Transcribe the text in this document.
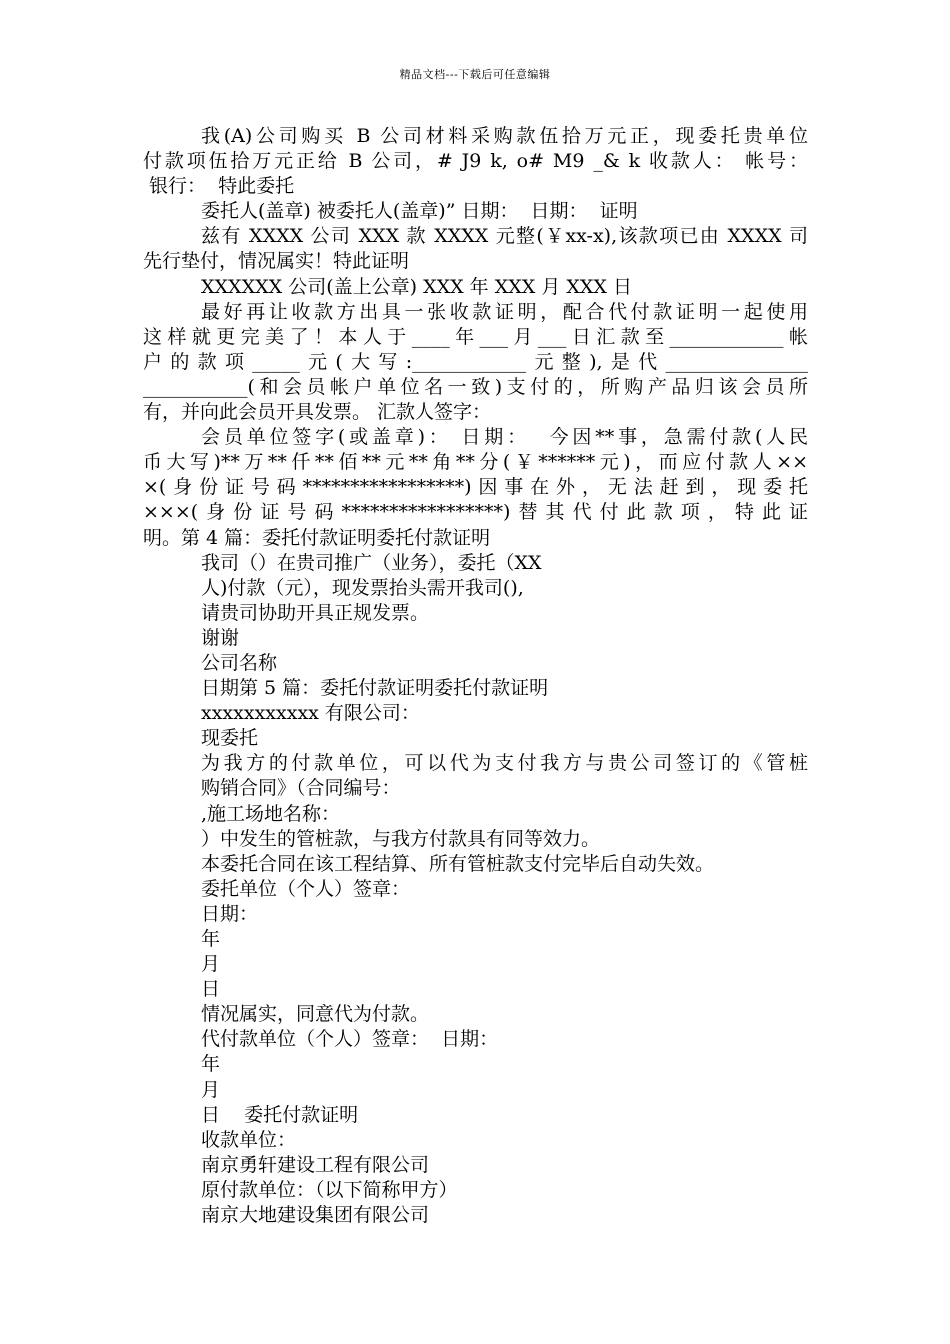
精品文档---下载后可任意编辑
我(A)公司购买 B 公司材料采购款伍拾万元正，现委托贵单位
付款项伍拾万元正给 B 公司，# J9 k, o# M9 _& k 收款人： 帐号：
银行：  特此委托
委托人(盖章) 被委托人(盖章)” 日期：  日期：  证明
兹有 XXXX 公司 XXX 款 XXXX 元整(￥xx-x),该款项已由 XXXX 司
先行垫付，情况属实！特此证明
XXXXXX 公司(盖上公章) XXX 年 XXX 月 XXX 日
最好再让收款方出具一张收款证明，配合代付款证明一起使用
这样就更完美了！本人于____年___月___日汇款至____________帐
户的款项_____元(大写:____________元整),是代_______________
___________(和会员帐户单位名一致)支付的，所购产品归该会员所
有，并向此会员开具发票。 汇款人签字：
会员单位签字(或盖章)： 日期：  今因**事，急需付款(人民
币大写)**万**仟**佰**元**角**分(￥******元)，而应付款人××
×(身份证号码*****************)因事在外，无法赶到，现委托
×××(身份证号码*****************)替其代付此款项，特此证
明。第 4 篇：委托付款证明委托付款证明
我司（）在贵司推广（业务），委托（XX
人)付款（元），现发票抬头需开我司(),
请贵司协助开具正规发票。
谢谢
公司名称
日期第 5 篇：委托付款证明委托付款证明
xxxxxxxxxxx 有限公司：
现委托
为我方的付款单位，可以代为支付我方与贵公司签订的《管桩
购销合同》（合同编号：
,施工场地名称：
）中发生的管桩款，与我方付款具有同等效力。
本委托合同在该工程结算、所有管桩款支付完毕后自动失效。
委托单位（个人）签章：
日期：
年
月
日
情况属实，同意代为付款。
代付款单位（个人）签章：  日期：
年
月
日    委托付款证明
收款单位：
南京勇轩建设工程有限公司
原付款单位：（以下简称甲方）
南京大地建设集团有限公司
